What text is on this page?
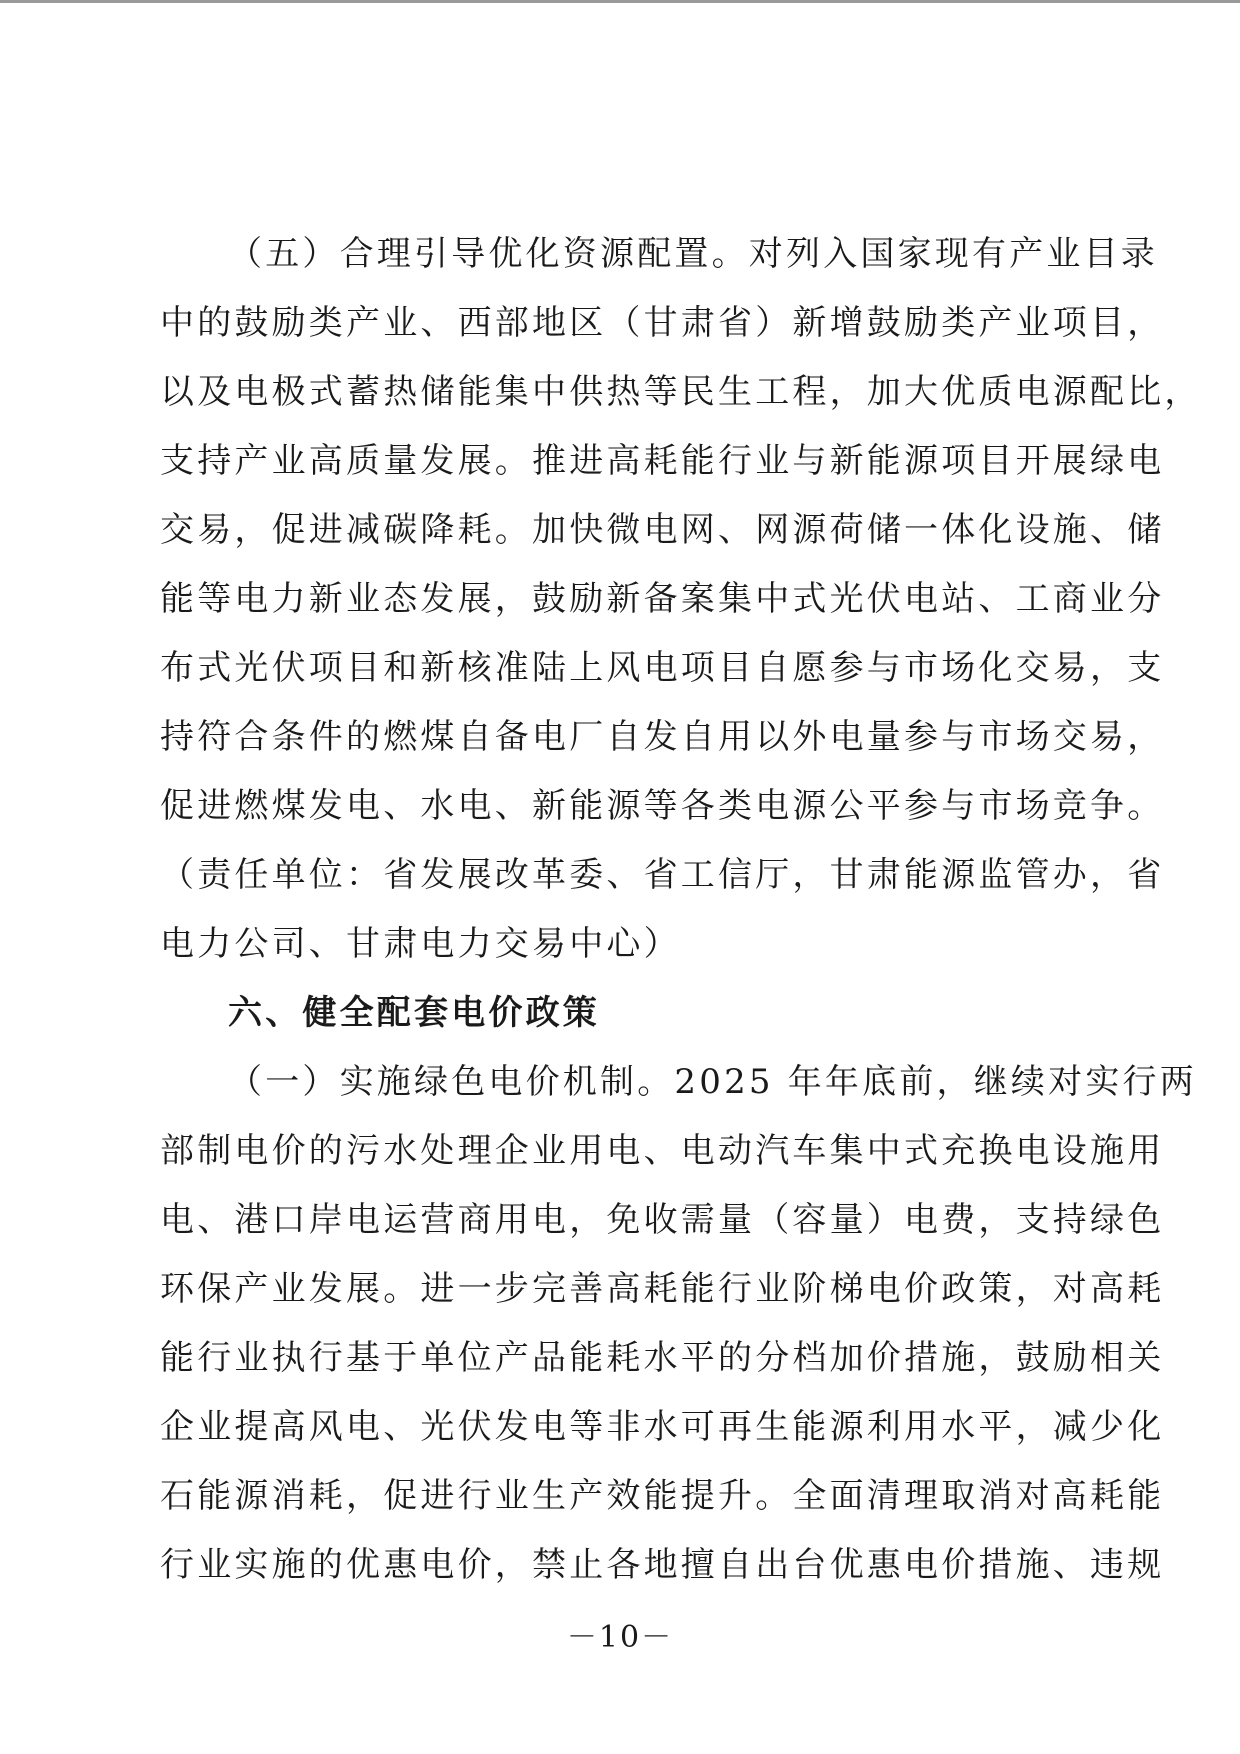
（五）合理引导优化资源配置。对列入国家现有产业目录
中的鼓励类产业、西部地区（甘肃省）新增鼓励类产业项目，
以及电极式蓄热储能集中供热等民生工程，加大优质电源配比，
支持产业高质量发展。推进高耗能行业与新能源项目开展绿电
交易，促进减碳降耗。加快微电网、网源荷储一体化设施、储
能等电力新业态发展，鼓励新备案集中式光伏电站、工商业分
布式光伏项目和新核准陆上风电项目自愿参与市场化交易，支
持符合条件的燃煤自备电厂自发自用以外电量参与市场交易，
促进燃煤发电、水电、新能源等各类电源公平参与市场竞争。
（责任单位：省发展改革委、省工信厅，甘肃能源监管办，省
电力公司、甘肃电力交易中心）
六、健全配套电价政策
（一）实施绿色电价机制。2025 年年底前，继续对实行两
部制电价的污水处理企业用电、电动汽车集中式充换电设施用
电、港口岸电运营商用电，免收需量（容量）电费，支持绿色
环保产业发展。进一步完善高耗能行业阶梯电价政策，对高耗
能行业执行基于单位产品能耗水平的分档加价措施，鼓励相关
企业提高风电、光伏发电等非水可再生能源利用水平，减少化
石能源消耗，促进行业生产效能提升。全面清理取消对高耗能
行业实施的优惠电价，禁止各地擅自出台优惠电价措施、违规
－10－
